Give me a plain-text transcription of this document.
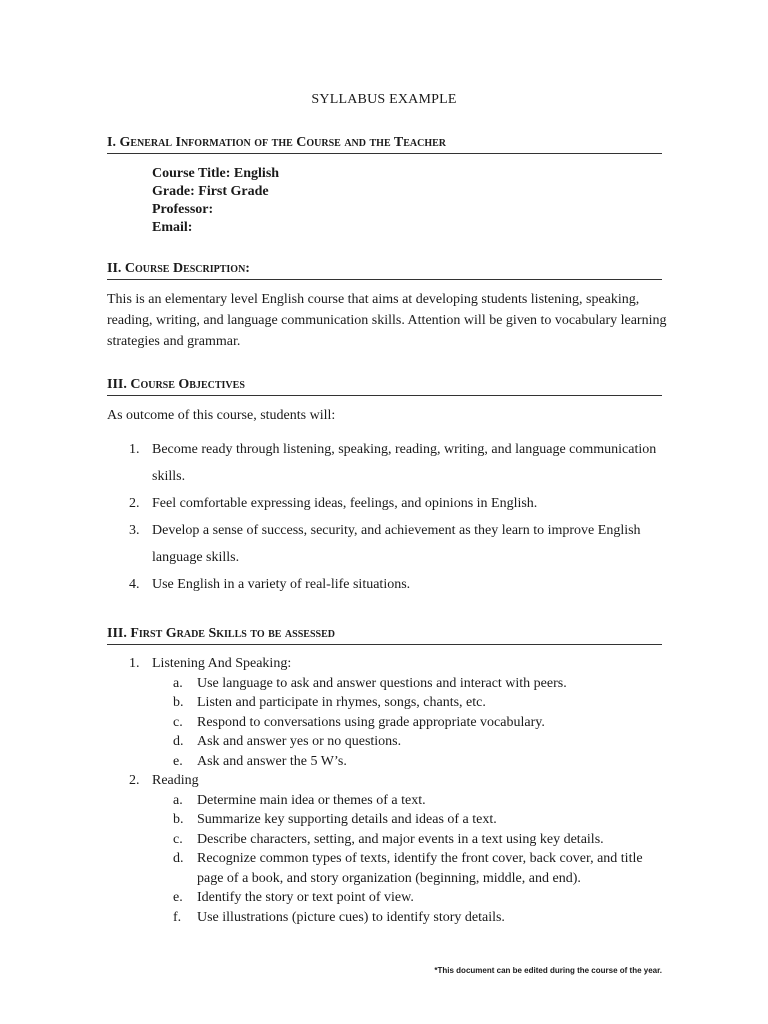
SYLLABUS EXAMPLE
I. General Information of the Course and the Teacher
Course Title: English
Grade: First Grade
Professor:
Email:
II. Course Description:
This is an elementary level English course that aims at developing students listening, speaking, reading, writing, and language communication skills. Attention will be given to vocabulary learning strategies and grammar.
III. Course Objectives
As outcome of this course, students will:
1. Become ready through listening, speaking, reading, writing, and language communication skills.
2. Feel comfortable expressing ideas, feelings, and opinions in English.
3. Develop a sense of success, security, and achievement as they learn to improve English language skills.
4. Use English in a variety of real-life situations.
III. First Grade Skills to be assessed
1. Listening And Speaking:
a. Use language to ask and answer questions and interact with peers.
b. Listen and participate in rhymes, songs, chants, etc.
c. Respond to conversations using grade appropriate vocabulary.
d. Ask and answer yes or no questions.
e. Ask and answer the 5 W’s.
2. Reading
a. Determine main idea or themes of a text.
b. Summarize key supporting details and ideas of a text.
c. Describe characters, setting, and major events in a text using key details.
d. Recognize common types of texts, identify the front cover, back cover, and title page of a book, and story organization (beginning, middle, and end).
e. Identify the story or text point of view.
f. Use illustrations (picture cues) to identify story details.
*This document can be edited during the course of the year.
